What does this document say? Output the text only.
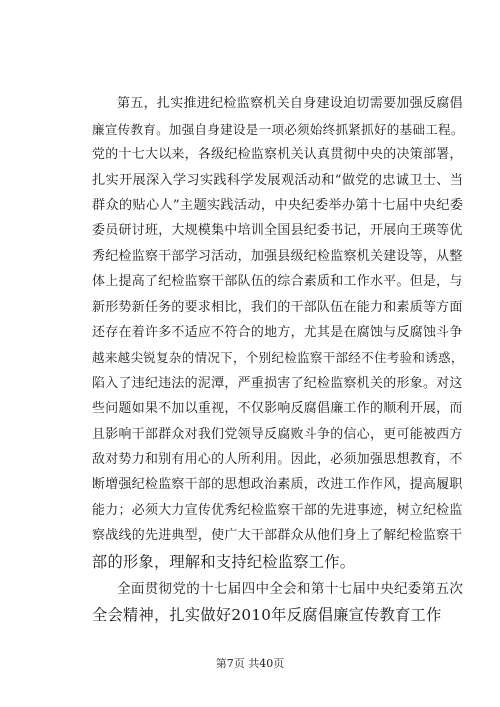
第五，扎实推进纪检监察机关自身建设迫切需要加强反腐倡
廉宣传教育。加强自身建设是一项必须始终抓紧抓好的基础工程。
党的十七大以来，各级纪检监察机关认真贯彻中央的决策部署，
扎实开展深入学习实践科学发展观活动和“做党的忠诚卫士、当
群众的贴心人”主题实践活动，中央纪委举办第十七届中央纪委
委员研讨班，大规模集中培训全国县纪委书记，开展向王瑛等优
秀纪检监察干部学习活动，加强县级纪检监察机关建设等，从整
体上提高了纪检监察干部队伍的综合素质和工作水平。但是，与
新形势新任务的要求相比，我们的干部队伍在能力和素质等方面
还存在着许多不适应不符合的地方，尤其是在腐蚀与反腐蚀斗争
越来越尖锐复杂的情况下，个别纪检监察干部经不住考验和诱惑，
陷入了违纪违法的泥潭，严重损害了纪检监察机关的形象。对这
些问题如果不加以重视，不仅影响反腐倡廉工作的顺利开展，而
且影响干部群众对我们党领导反腐败斗争的信心，更可能被西方
敌对势力和别有用心的人所利用。因此，必须加强思想教育，不
断增强纪检监察干部的思想政治素质，改进工作作风，提高履职
能力；必须大力宣传优秀纪检监察干部的先进事迹，树立纪检监
察战线的先进典型，使广大干部群众从他们身上了解纪检监察干
部的形象，理解和支持纪检监察工作。
全面贯彻党的十七届四中全会和第十七届中央纪委第五次
全会精神，扎实做好2010年反腐倡廉宣传教育工作
第7页 共40页
